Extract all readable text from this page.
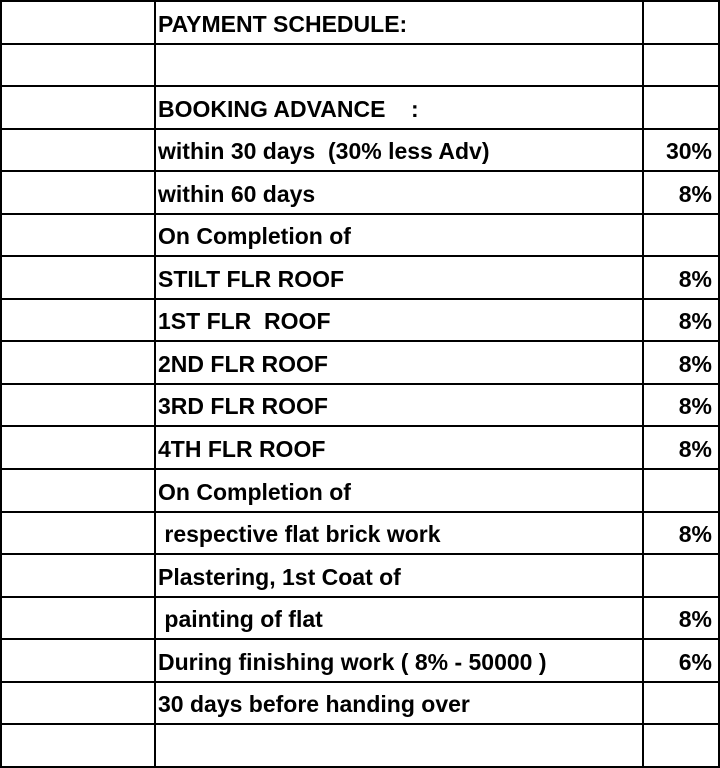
PAYMENT SCHEDULE:
BOOKING ADVANCE    :
within 30 days  (30% less Adv)	30%
within 60 days	8%
On Completion of
STILT FLR ROOF	8%
1ST FLR  ROOF	8%
2ND FLR ROOF	8%
3RD FLR ROOF	8%
4TH FLR ROOF	8%
On Completion of
respective flat brick work	8%
Plastering, 1st Coat of
painting of flat	8%
During finishing work ( 8% - 50000 )	6%
30 days before handing over
